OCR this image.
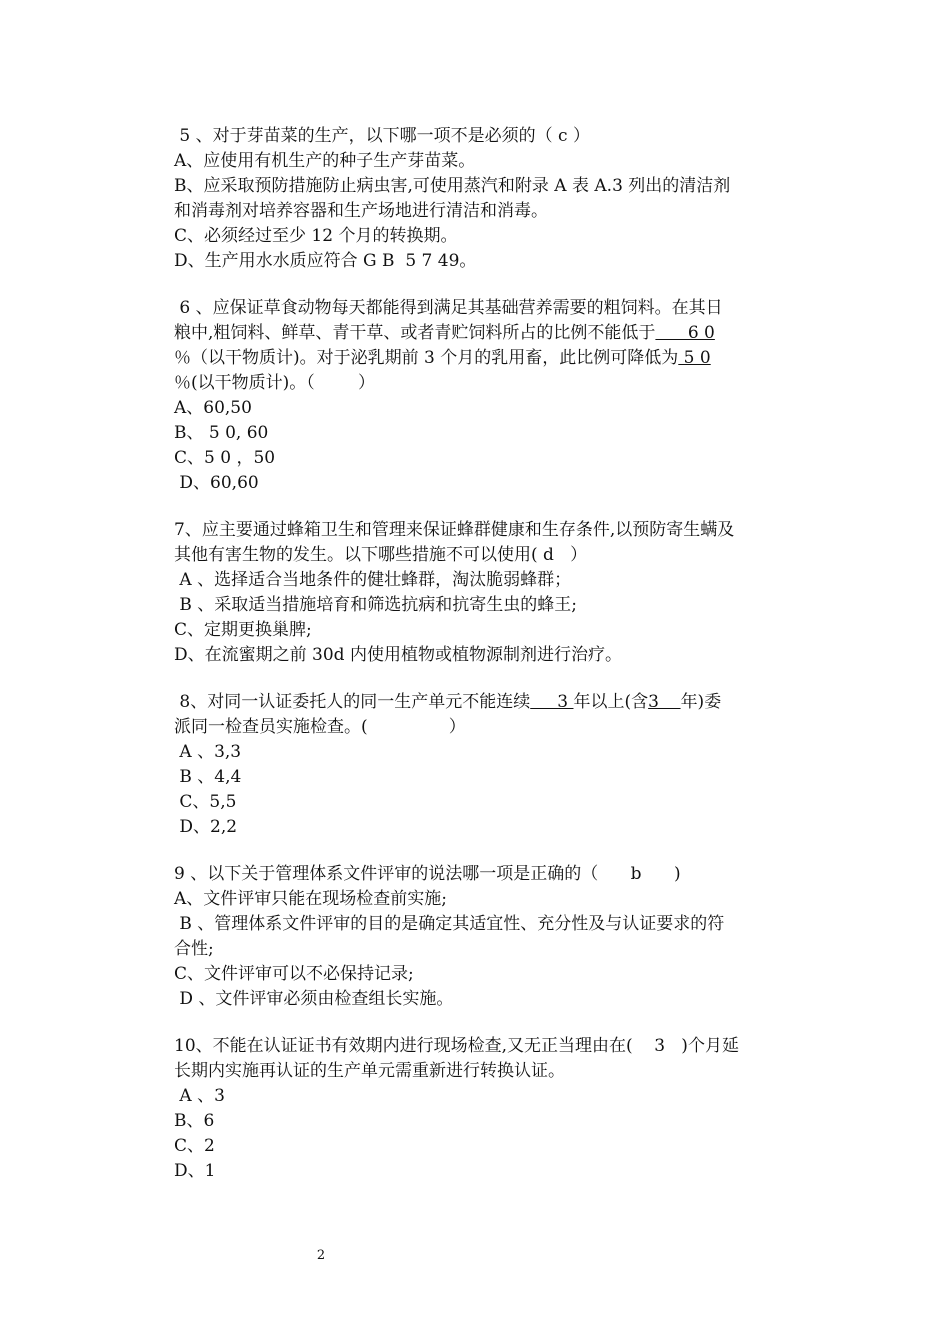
5 、对于芽苗菜的生产，以下哪一项不是必须的（ c ）
A、应使用有机生产的种子生产芽苗菜。
B、应采取预防措施防止病虫害,可使用蒸汽和附录 A 表 A.3 列出的清洁剂
和消毒剂对培养容器和生产场地进行清洁和消毒。
C、必须经过至少 12 个月的转换期。
D、生产用水水质应符合 G B  5 7 49。
6 、应保证草食动物每天都能得到满足其基础营养需要的粗饲料。在其日
粮中,粗饲料、鲜草、青干草、或者青贮饲料所占的比例不能低于      6 0
％（以干物质计)。对于泌乳期前 3 个月的乳用畜，此比例可降低为 5 0
％(以干物质计)。（        ）
A、60,50
B、 5 0, 60
C、5 0 ，50
D、60,60
7、应主要通过蜂箱卫生和管理来保证蜂群健康和生存条件,以预防寄生螨及
其他有害生物的发生。以下哪些措施不可以使用( d   ）
A 、选择适合当地条件的健壮蜂群，淘汰脆弱蜂群；
B 、采取适当措施培育和筛选抗病和抗寄生虫的蜂王;
C、定期更换巢脾;
D、在流蜜期之前 30d 内使用植物或植物源制剂进行治疗。
8、对同一认证委托人的同一生产单元不能连续     3 年以上(含3    年)委
派同一检查员实施检查。(               ）
A 、3,3
B 、4,4
C、5,5
D、2,2
9 、以下关于管理体系文件评审的说法哪一项是正确的（      b      )
A、文件评审只能在现场检查前实施;
B 、管理体系文件评审的目的是确定其适宜性、充分性及与认证要求的符
合性;
C、文件评审可以不必保持记录;
D 、文件评审必须由检查组长实施。
10、不能在认证证书有效期内进行现场检查,又无正当理由在(    3   )个月延
长期内实施再认证的生产单元需重新进行转换认证。
A 、3
B、6
C、2
D、1
2
